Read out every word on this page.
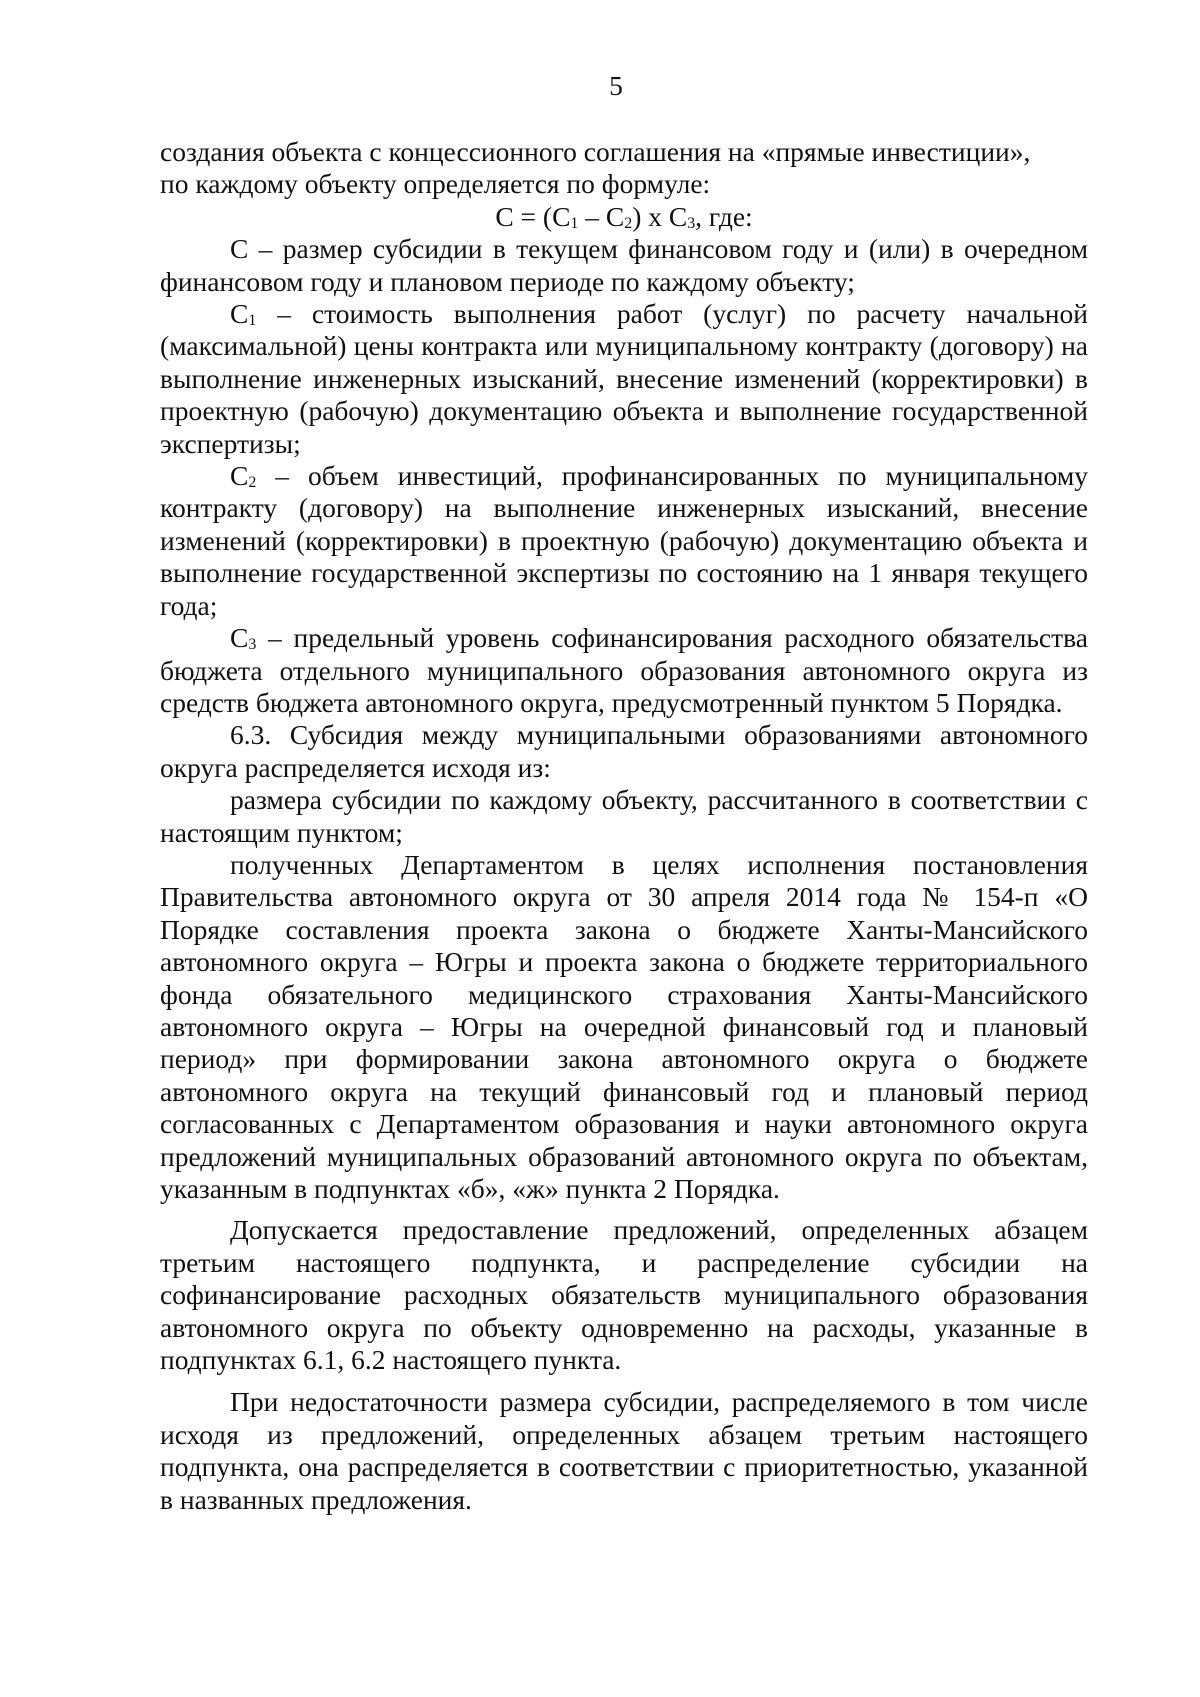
5

создания объекта с концессионного соглашения на «прямые инвестиции»,

по каждому объекту определяется по формуле:

$C = (C_1 - C_2)$ x $C_3$, где:

С – размер субсидии в текущем финансовом году и (или) в очередном финансовом году и плановом периоде по каждому объекту;

$С_1$ – стоимость выполнения работ (услуг) по расчету начальной (максимальной) цены контракта или муниципальному контракту (договору) на выполнение инженерных изысканий, внесение изменений (корректировки) в проектную (рабочую) документацию объекта и выполнение государственной экспертизы;

$С_2$ – объем инвестиций, профинансированных по муниципальному контракту (договору) на выполнение инженерных изысканий, внесение изменений (корректировки) в проектную (рабочую) документацию объекта и выполнение государственной экспертизы по состоянию на 1 января текущего года;

$С_3$ – предельный уровень софинансирования расходного обязательства бюджета отдельного муниципального образования автономного округа из средств бюджета автономного округа, предусмотренный пунктом 5 Порядка.

6.3. Субсидия между муниципальными образованиями автономного округа распределяется исходя из:

размера субсидии по каждому объекту, рассчитанного в соответствии с настоящим пунктом;

полученных Департаментом в целях исполнения постановления Правительства автономного округа от 30 апреля 2014 года № 154-п «О Порядке составления проекта закона о бюджете Ханты-Мансийского автономного округа – Югры и проекта закона о бюджете территориального фонда обязательного медицинского страхования Ханты-Мансийского автономного округа – Югры на очередной финансовый год и плановый период» при формировании закона автономного округа о бюджете автономного округа на текущий финансовый год и плановый период согласованных с Департаментом образования и науки автономного округа предложений муниципальных образований автономного округа по объектам, указанным в подпунктах «б», «ж» пункта 2 Порядка.

Допускается предоставление предложений, определенных абзацем третьим настоящего подпункта, и распределение субсидии на софинансирование расходных обязательств муниципального образования автономного округа по объекту одновременно на расходы, указанные в подпунктах 6.1, 6.2 настоящего пункта.

При недостаточности размера субсидии, распределяемого в том числе исходя из предложений, определенных абзацем третьим настоящего подпункта, она распределяется в соответствии с приоритетностью, указанной в названных предложения.
